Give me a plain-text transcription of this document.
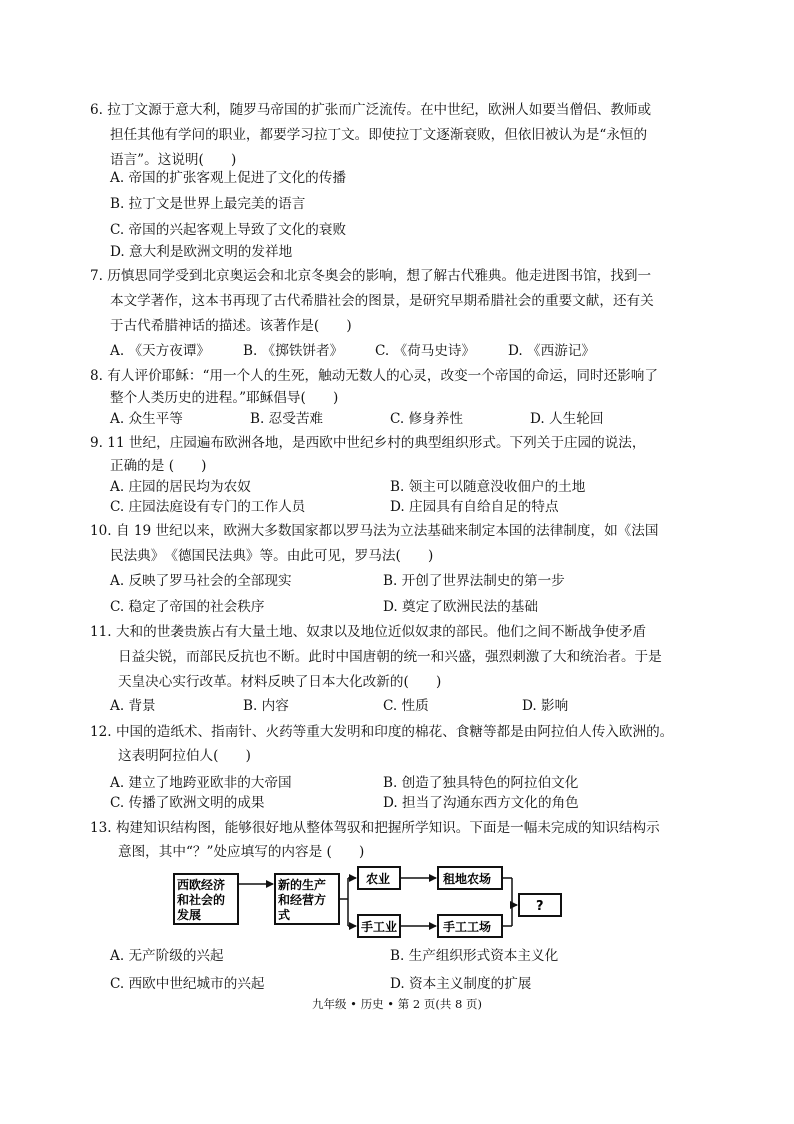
6. 拉丁文源于意大利，随罗马帝国的扩张而广泛流传。在中世纪，欧洲人如要当僧侣、教师或
担任其他有学问的职业，都要学习拉丁文。即使拉丁文逐渐衰败，但依旧被认为是“永恒的
语言”。这说明(　　)
A. 帝国的扩张客观上促进了文化的传播
B. 拉丁文是世界上最完美的语言
C. 帝国的兴起客观上导致了文化的衰败
D. 意大利是欧洲文明的发祥地
7. 历慎思同学受到北京奥运会和北京冬奥会的影响，想了解古代雅典。他走进图书馆，找到一
本文学著作，这本书再现了古代希腊社会的图景，是研究早期希腊社会的重要文献，还有关
于古代希腊神话的描述。该著作是(　　)
A. 《天方夜谭》 B. 《掷铁饼者》 C. 《荷马史诗》 D. 《西游记》
8. 有人评价耶稣：“用一个人的生死，触动无数人的心灵，改变一个帝国的命运，同时还影响了
整个人类历史的进程。”耶稣倡导(　　)
A. 众生平等	B. 忍受苦难	C. 修身养性	D. 人生轮回
9. 11 世纪，庄园遍布欧洲各地，是西欧中世纪乡村的典型组织形式。下列关于庄园的说法，
正确的是 (　　)
A. 庄园的居民均为农奴	B. 领主可以随意没收佃户的土地
C. 庄园法庭设有专门的工作人员	D. 庄园具有自给自足的特点
10. 自 19 世纪以来，欧洲大多数国家都以罗马法为立法基础来制定本国的法律制度，如《法国
民法典》　《德国民法典》等。由此可见，罗马法(　　)
A. 反映了罗马社会的全部现实	B. 开创了世界法制史的第一步
C. 稳定了帝国的社会秩序	D. 奠定了欧洲民法的基础
11. 大和的世袭贵族占有大量土地、奴隶以及地位近似奴隶的部民。他们之间不断战争使矛盾
日益尖锐，而部民反抗也不断。此时中国唐朝的统一和兴盛，强烈刺激了大和统治者。于是
天皇决心实行改革。材料反映了日本大化改新的(　　)
A. 背景	B. 内容	C. 性质	D. 影响
12. 中国的造纸术、指南针、火药等重大发明和印度的棉花、食糖等都是由阿拉伯人传入欧洲的。
这表明阿拉伯人(　　)
A. 建立了地跨亚欧非的大帝国	B. 创造了独具特色的阿拉伯文化
C. 传播了欧洲文明的成果	D. 担当了沟通东西方文化的角色
13. 构建知识结构图，能够很好地从整体驾驭和把握所学知识。下面是一幅未完成的知识结构示
意图，其中“？”处应填写的内容是 (　　)
西欧经济
和社会的
发展
新的生产
和经营方
式
农业	租地农场
手工业	手工工场
?
A. 无产阶级的兴起	B. 生产组织形式资本主义化
C. 西欧中世纪城市的兴起	D. 资本主义制度的扩展
九年级 • 历史 • 第 2 页(共 8 页)
